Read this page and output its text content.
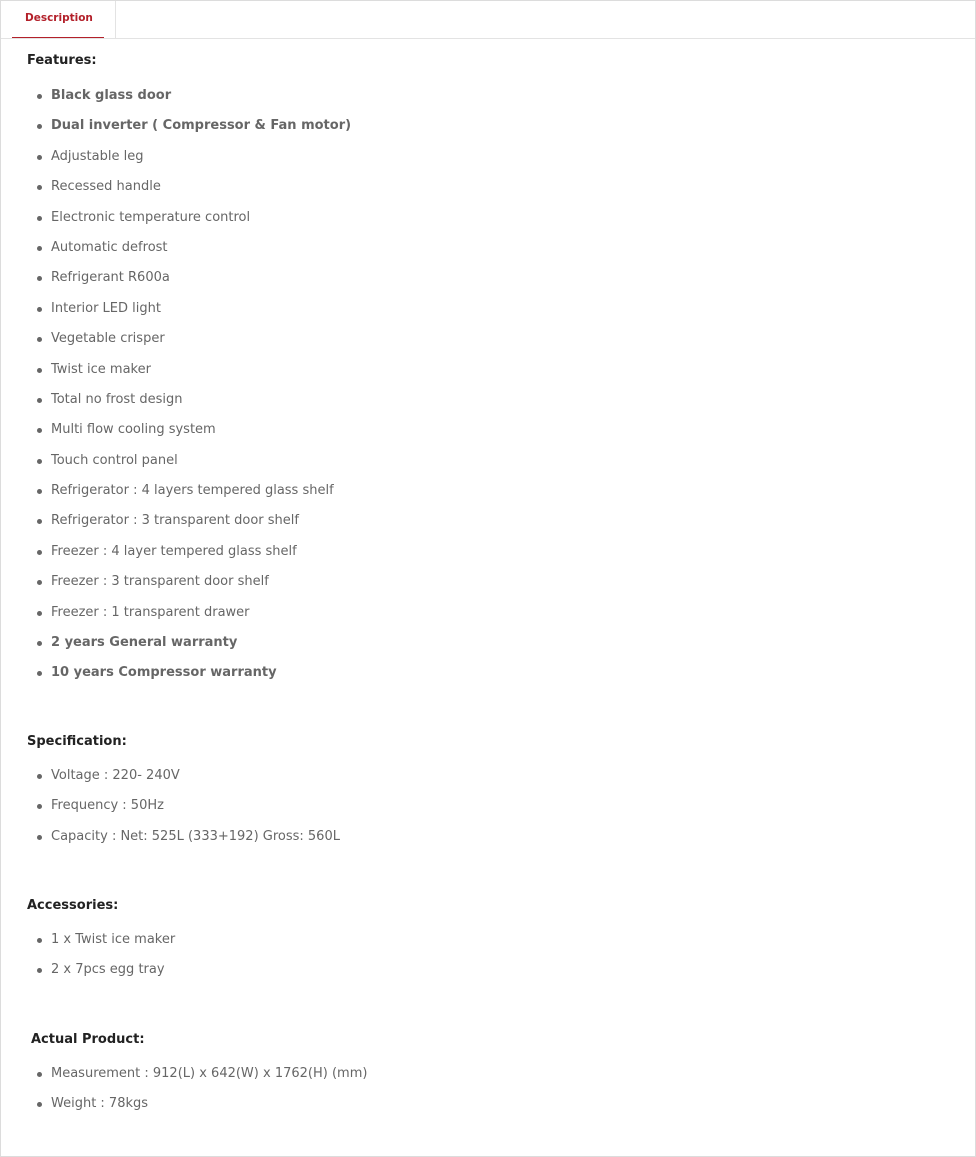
Description
Features:
Black glass door
Dual inverter ( Compressor & Fan motor)
Adjustable leg
Recessed handle
Electronic temperature control
Automatic defrost
Refrigerant R600a
Interior LED light
Vegetable crisper
Twist ice maker
Total no frost design
Multi flow cooling system
Touch control panel
Refrigerator : 4 layers tempered glass shelf
Refrigerator : 3 transparent door shelf
Freezer : 4 layer tempered glass shelf
Freezer : 3 transparent door shelf
Freezer : 1 transparent drawer
2 years General warranty
10 years Compressor warranty
Specification:
Voltage : 220- 240V
Frequency : 50Hz
Capacity : Net: 525L (333+192) Gross: 560L
Accessories:
1 x Twist ice maker
2 x 7pcs egg tray
Actual Product:
Measurement : 912(L) x 642(W) x 1762(H) (mm)
Weight : 78kgs
